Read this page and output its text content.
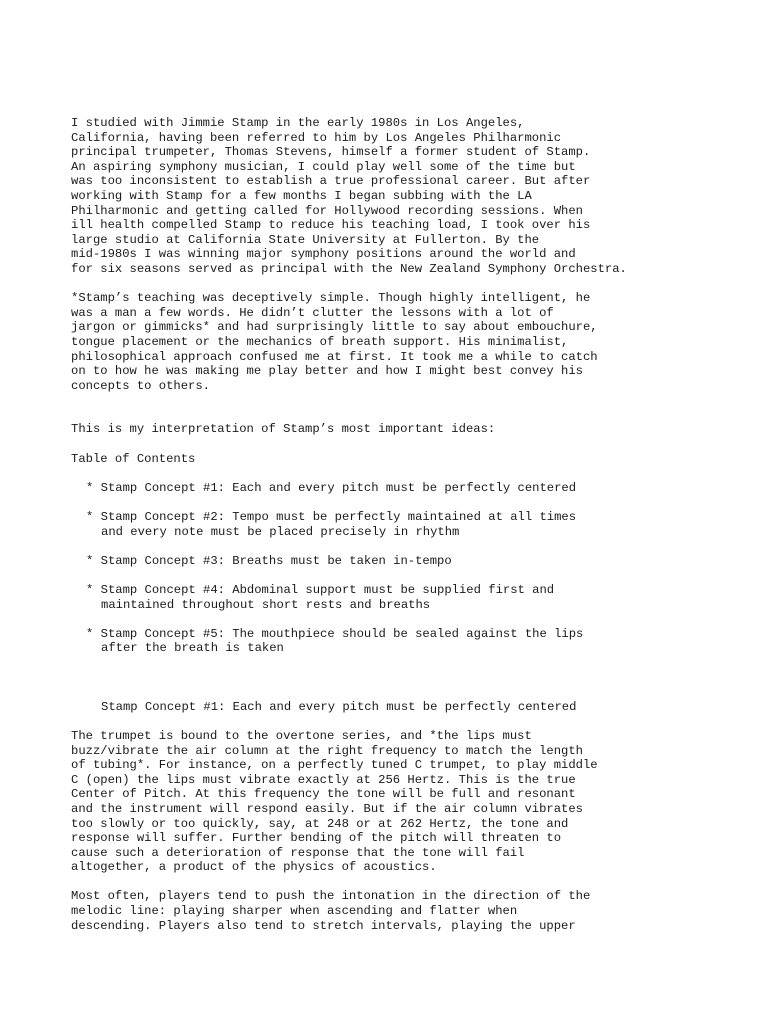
I studied with Jimmie Stamp in the early 1980s in Los Angeles,
California, having been referred to him by Los Angeles Philharmonic
principal trumpeter, Thomas Stevens, himself a former student of Stamp.
An aspiring symphony musician, I could play well some of the time but
was too inconsistent to establish a true professional career. But after
working with Stamp for a few months I began subbing with the LA
Philharmonic and getting called for Hollywood recording sessions. When
ill health compelled Stamp to reduce his teaching load, I took over his
large studio at California State University at Fullerton. By the
mid-1980s I was winning major symphony positions around the world and
for six seasons served as principal with the New Zealand Symphony Orchestra.
*Stamp’s teaching was deceptively simple. Though highly intelligent, he
was a man a few words. He didn’t clutter the lessons with a lot of
jargon or gimmicks* and had surprisingly little to say about embouchure,
tongue placement or the mechanics of breath support. His minimalist,
philosophical approach confused me at first. It took me a while to catch
on to how he was making me play better and how I might best convey his
concepts to others.
This is my interpretation of Stamp’s most important ideas:
Table of Contents
* Stamp Concept #1: Each and every pitch must be perfectly centered
* Stamp Concept #2: Tempo must be perfectly maintained at all times
and every note must be placed precisely in rhythm
* Stamp Concept #3: Breaths must be taken in-tempo
* Stamp Concept #4: Abdominal support must be supplied first and
maintained throughout short rests and breaths
* Stamp Concept #5: The mouthpiece should be sealed against the lips
after the breath is taken
Stamp Concept #1: Each and every pitch must be perfectly centered
The trumpet is bound to the overtone series, and *the lips must
buzz/vibrate the air column at the right frequency to match the length
of tubing*. For instance, on a perfectly tuned C trumpet, to play middle
C (open) the lips must vibrate exactly at 256 Hertz. This is the true
Center of Pitch. At this frequency the tone will be full and resonant
and the instrument will respond easily. But if the air column vibrates
too slowly or too quickly, say, at 248 or at 262 Hertz, the tone and
response will suffer. Further bending of the pitch will threaten to
cause such a deterioration of response that the tone will fail
altogether, a product of the physics of acoustics.
Most often, players tend to push the intonation in the direction of the
melodic line: playing sharper when ascending and flatter when
descending. Players also tend to stretch intervals, playing the upper
